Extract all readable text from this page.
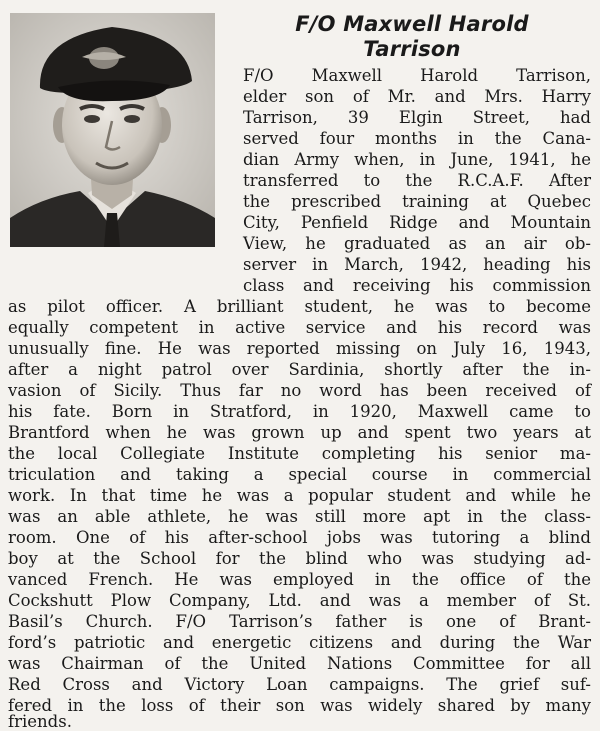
F/O Maxwell Harold
Tarrison
F/O Maxwell Harold Tarrison,
elder son of Mr. and Mrs. Harry
Tarrison, 39 Elgin Street, had
served four months in the Cana-
dian Army when, in June, 1941, he
transferred to the R.C.A.F. After
the prescribed training at Quebec
City, Penfield Ridge and Mountain
View, he graduated as an air ob-
server in March, 1942, heading his
class and receiving his commission
as pilot officer. A brilliant student, he was to become
equally competent in active service and his record was
unusually fine. He was reported missing on July 16, 1943,
after a night patrol over Sardinia, shortly after the in-
vasion of Sicily. Thus far no word has been received of
his fate. Born in Stratford, in 1920, Maxwell came to
Brantford when he was grown up and spent two years at
the local Collegiate Institute completing his senior ma-
triculation and taking a special course in commercial
work. In that time he was a popular student and while he
was an able athlete, he was still more apt in the class-
room. One of his after-school jobs was tutoring a blind
boy at the School for the blind who was studying ad-
vanced French. He was employed in the office of the
Cockshutt Plow Company, Ltd. and was a member of St.
Basil’s Church. F/O Tarrison’s father is one of Brant-
ford’s patriotic and energetic citizens and during the War
was Chairman of the United Nations Committee for all
Red Cross and Victory Loan campaigns. The grief suf-
fered in the loss of their son was widely shared by many
friends.
